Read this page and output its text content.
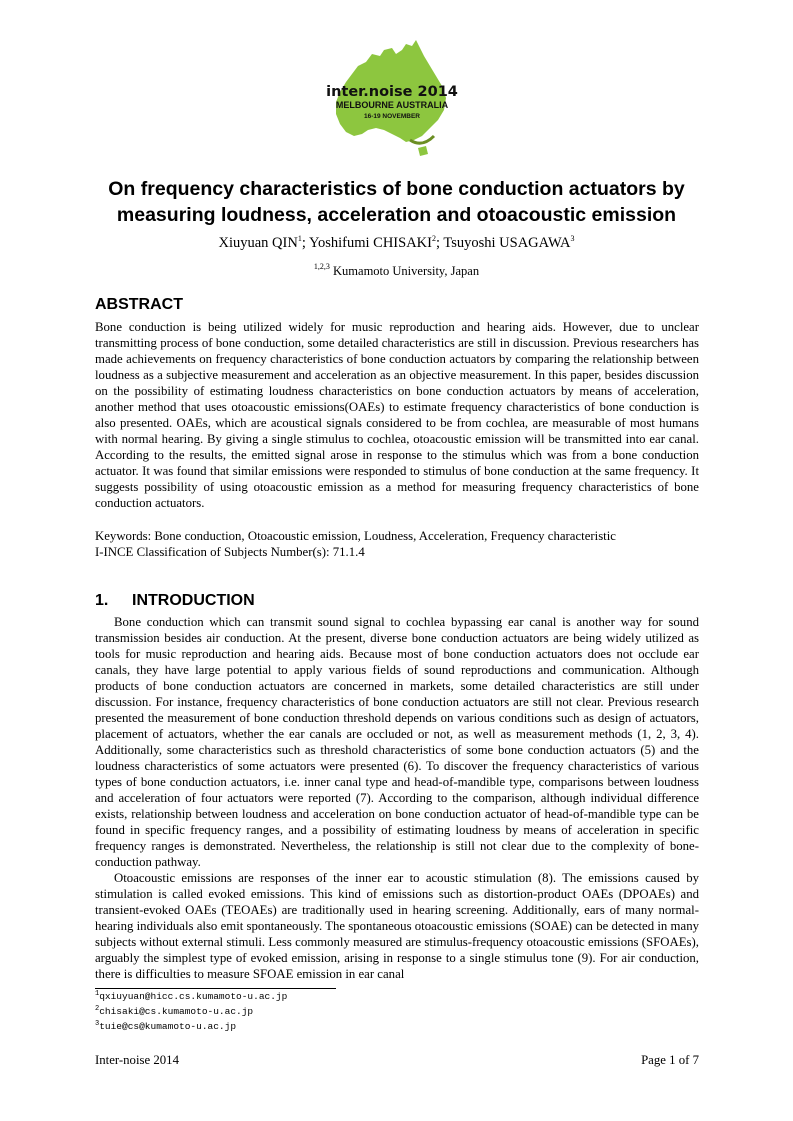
inter.noise 2014
MELBOURNE AUSTRALIA
16-19 NOVEMBER
On frequency characteristics of bone conduction actuators by
measuring loudness, acceleration and otoacoustic emission
Xiuyuan QIN$^1$; Yoshifumi CHISAKI$^2$; Tsuyoshi USAGAWA$^3$
$^{1,2,3}$ Kumamoto University, Japan
ABSTRACT
Bone conduction is being utilized widely for music reproduction and hearing aids. However, due to unclear transmitting process of bone conduction, some detailed characteristics are still in discussion. Previous researchers has made achievements on frequency characteristics of bone conduction actuators by comparing the relationship between loudness as a subjective measurement and acceleration as an objective measurement. In this paper, besides discussion on the possibility of estimating loudness characteristics on bone conduction actuators by means of acceleration, another method that uses otoacoustic emissions(OAEs) to estimate frequency characteristics of bone conduction is also presented. OAEs, which are acoustical signals considered to be from cochlea, are measurable of most humans with normal hearing. By giving a single stimulus to cochlea, otoacoustic emission will be transmitted into ear canal. According to the results, the emitted signal arose in response to the stimulus which was from a bone conduction actuator. It was found that similar emissions were responded to stimulus of bone conduction at the same frequency. It suggests possibility of using otoacoustic emission as a method for measuring frequency characteristics of bone conduction actuators.
Keywords: Bone conduction, Otoacoustic emission, Loudness, Acceleration, Frequency characteristic
I-INCE Classification of Subjects Number(s): 71.1.4
1. INTRODUCTION
Bone conduction which can transmit sound signal to cochlea bypassing ear canal is another way for sound transmission besides air conduction. At the present, diverse bone conduction actuators are being widely utilized as tools for music reproduction and hearing aids. Because most of bone conduction actuators does not occlude ear canals, they have large potential to apply various fields of sound reproductions and communication. Although products of bone conduction actuators are concerned in markets, some detailed characteristics are still under discussion. For instance, frequency characteristics of bone conduction actuators are still not clear. Previous research presented the measurement of bone conduction threshold depends on various conditions such as design of actuators, placement of actuators, whether the ear canals are occluded or not, as well as measurement methods (1, 2, 3, 4). Additionally, some characteristics such as threshold characteristics of some bone conduction actuators (5) and the loudness characteristics of some actuators were presented (6). To discover the frequency characteristics of various types of bone conduction actuators, i.e. inner canal type and head-of-mandible type, comparisons between loudness and acceleration of four actuators were reported (7). According to the comparison, although individual difference exists, relationship between loudness and acceleration on bone conduction actuator of head-of-mandible type can be found in specific frequency ranges, and a possibility of estimating loudness by means of acceleration in specific frequency ranges is demonstrated. Nevertheless, the relationship is still not clear due to the complexity of bone-conduction pathway.
Otoacoustic emissions are responses of the inner ear to acoustic stimulation (8). The emissions caused by stimulation is called evoked emissions. This kind of emissions such as distortion-product OAEs (DPOAEs) and transient-evoked OAEs (TEOAEs) are traditionally used in hearing screening. Additionally, ears of many normal-hearing individuals also emit spontaneously. The spontaneous otoacoustic emissions (SOAE) can be detected in many subjects without external stimuli. Less commonly measured are stimulus-frequency otoacoustic emissions (SFOAEs), arguably the simplest type of evoked emission, arising in response to a single stimulus tone (9). For air conduction, there is difficulties to measure SFOAE emission in ear canal
$^1$qxiuyuan@hicc.cs.kumamoto-u.ac.jp
$^2$chisaki@cs.kumamoto-u.ac.jp
$^3$tuie@cs@kumamoto-u.ac.jp
Inter-noise 2014	Page 1 of 7
